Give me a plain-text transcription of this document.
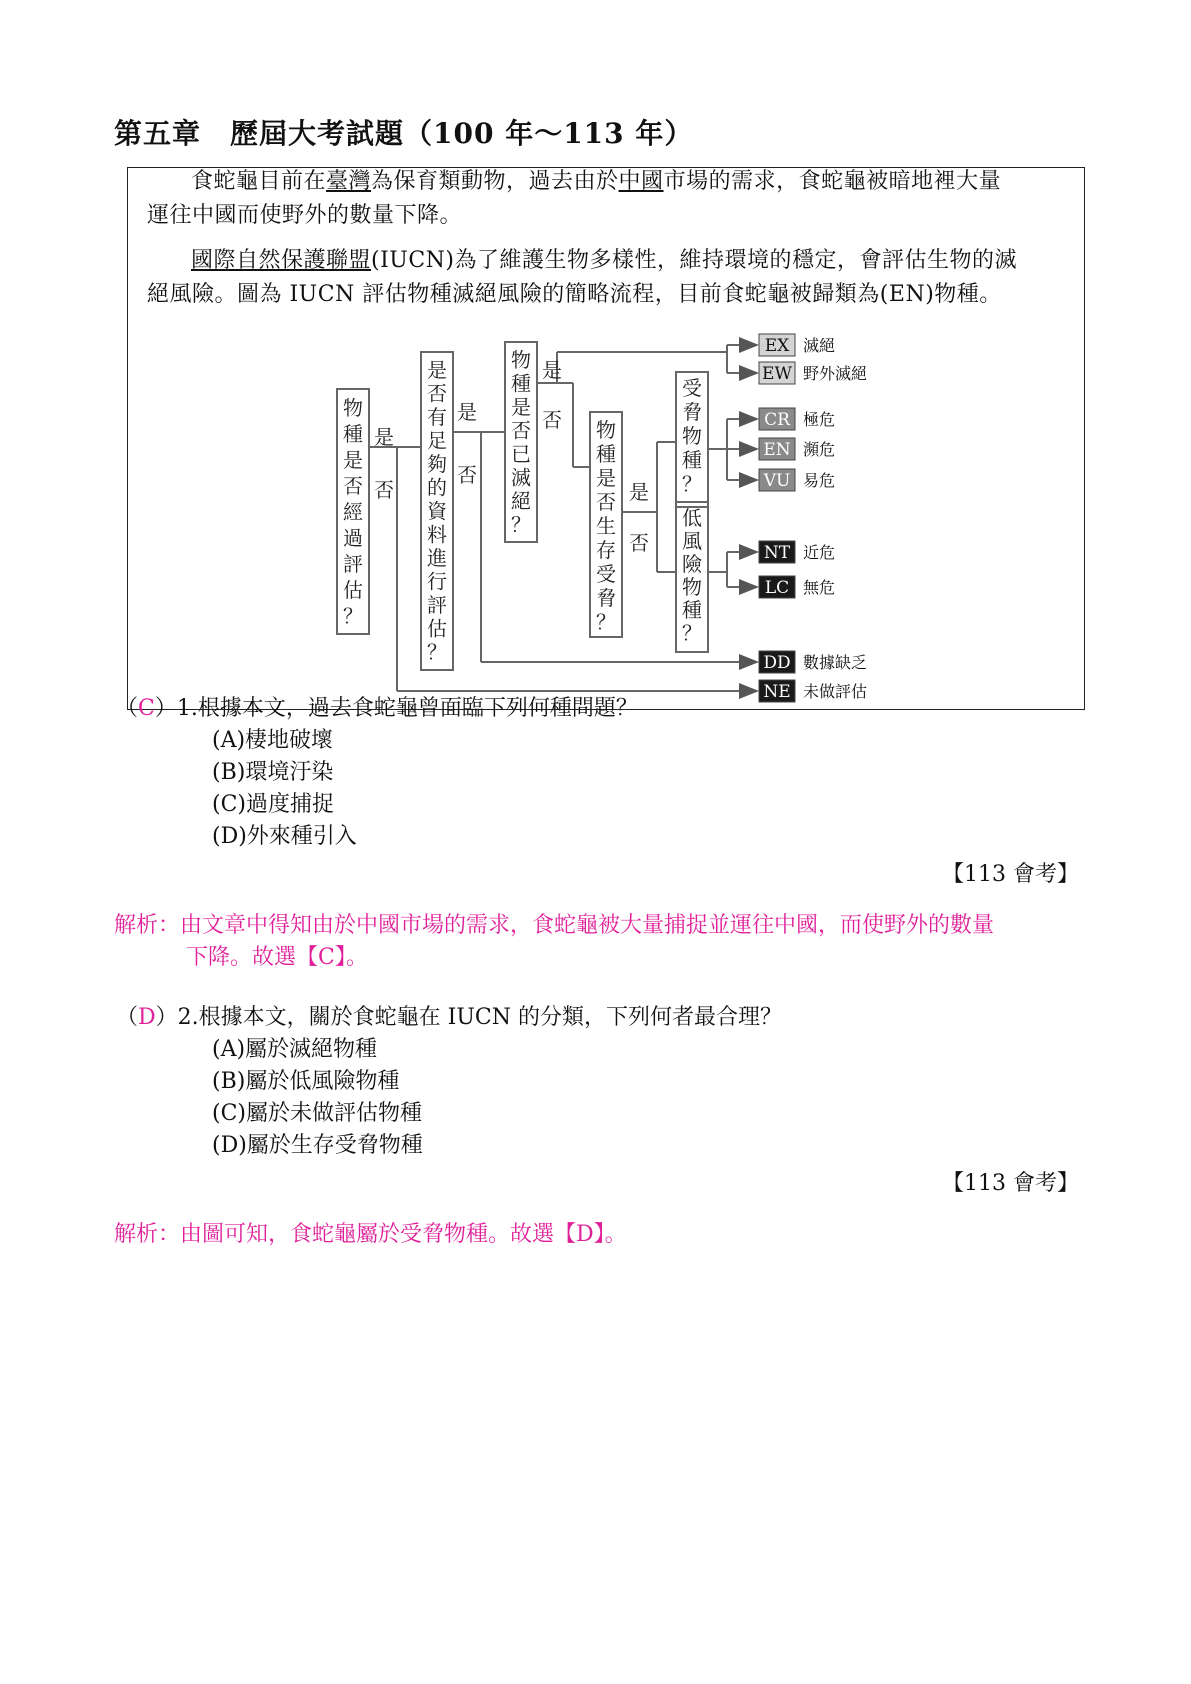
第五章　歷屆大考試題（100 年～113 年）
食蛇龜目前在臺灣為保育類動物，過去由於中國市場的需求，食蛇龜被暗地裡大量
運往中國而使野外的數量下降。
國際自然保護聯盟(IUCN)為了維護生物多樣性，維持環境的穩定，會評估生物的滅
絕風險。圖為 IUCN 評估物種滅絕風險的簡略流程，目前食蛇龜被歸類為(EN)物種。
物
種
是
否
經
過
評
估
？
是
否
有
足
夠
的
資
料
進
行
評
估
？
物
種
是
否
已
滅
絕
？
物
種
是
否
生
存
受
脅
？
受
脅
物
種
？
低
風
險
物
種
？
是
否
是
否
是
否
是
否
EX 滅絕
EW 野外滅絕
CR 極危
EN 瀕危
VU 易危
NT 近危
LC 無危
DD 數據缺乏
NE 未做評估
（C）1.根據本文，過去食蛇龜曾面臨下列何種問題？
(A)棲地破壞
(B)環境汙染
(C)過度捕捉
(D)外來種引入
【113 會考】
解析：由文章中得知由於中國市場的需求，食蛇龜被大量捕捉並運往中國，而使野外的數量
下降。故選【C】。
（D）2.根據本文，關於食蛇龜在 IUCN 的分類，下列何者最合理？
(A)屬於滅絕物種
(B)屬於低風險物種
(C)屬於未做評估物種
(D)屬於生存受脅物種
【113 會考】
解析：由圖可知，食蛇龜屬於受脅物種。故選【D】。
